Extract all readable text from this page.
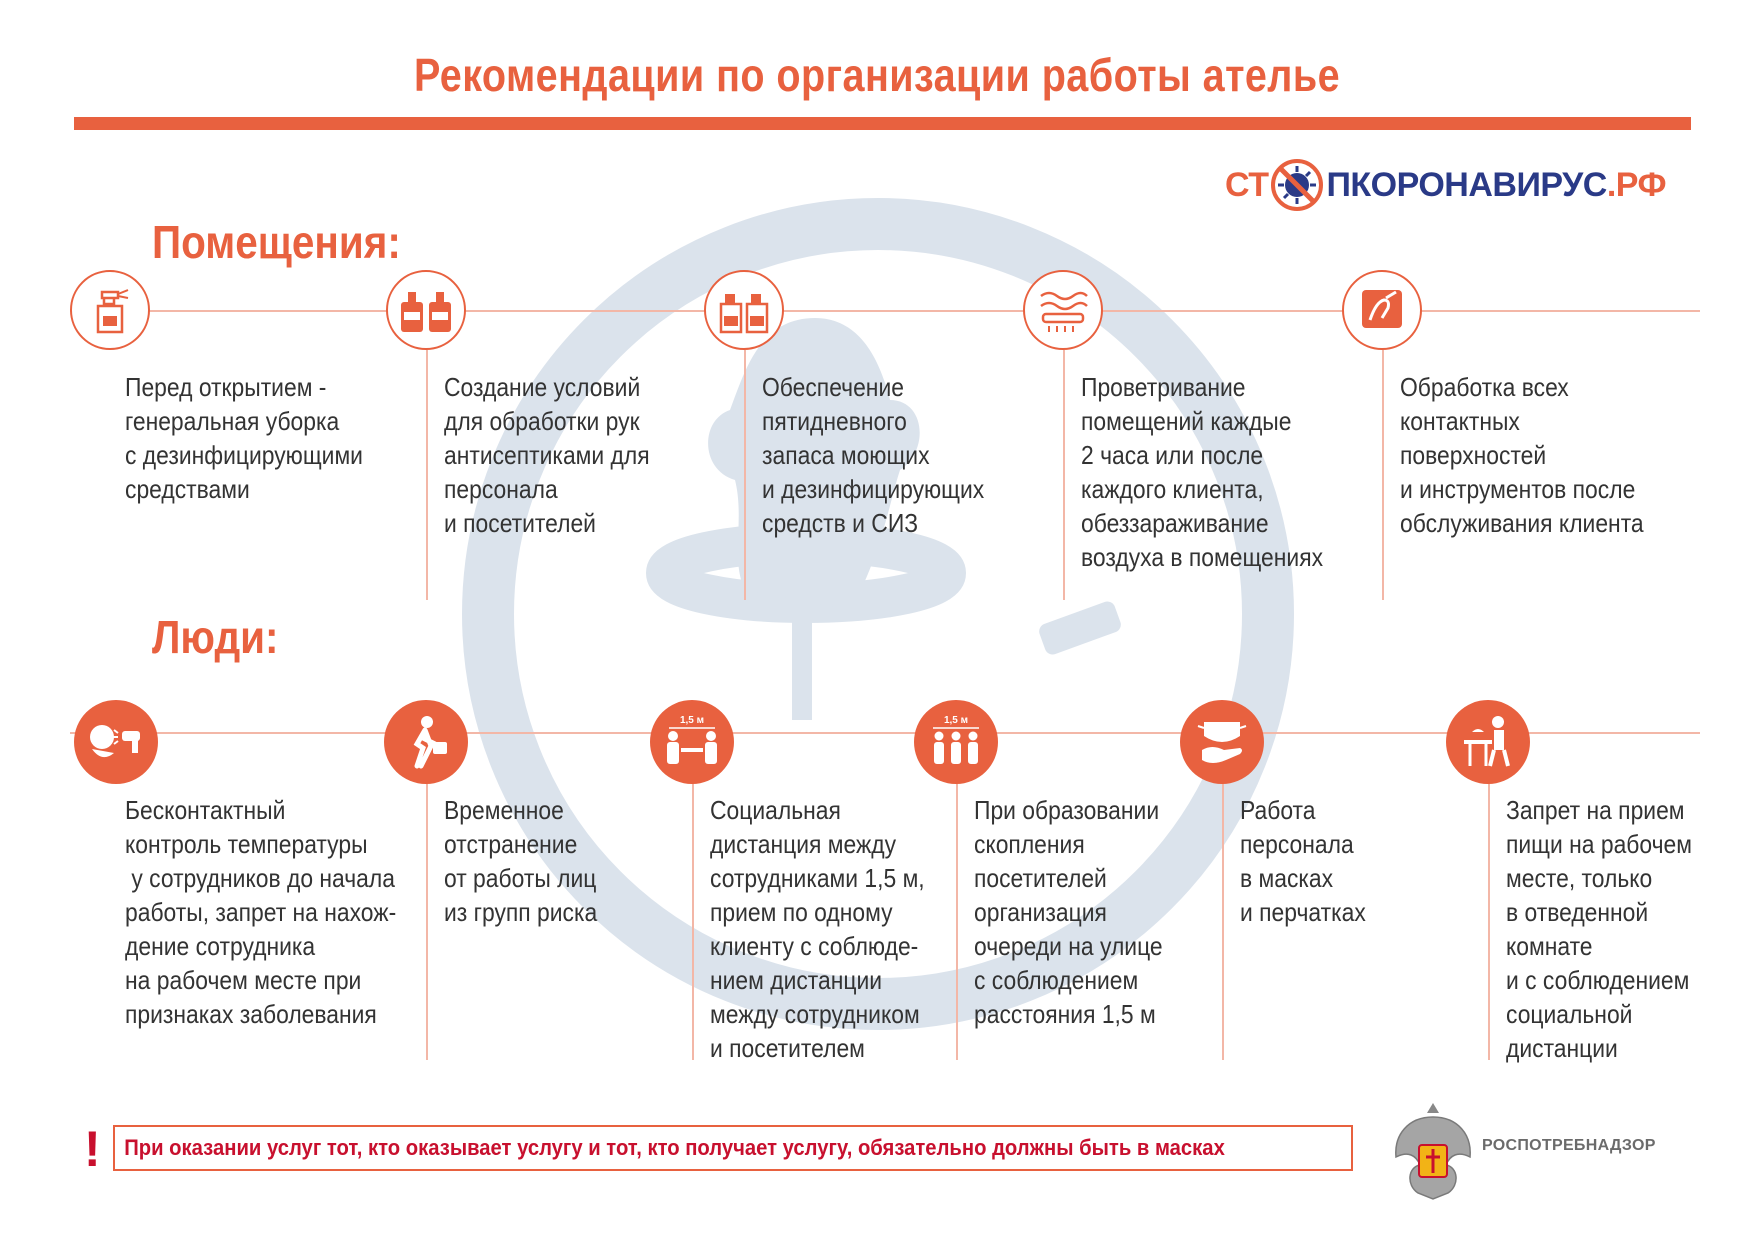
Рекомендации по организации работы ателье
СТ ПКОРОНАВИРУС .РФ
Помещения:
Перед открытием -
генеральная уборка
с дезинфицирующими
средствами
Создание условий
для обработки рук
антисептиками для
персонала
и посетителей
Обеспечение
пятидневного
запаса моющих
и дезинфицирующих
средств и СИЗ
Проветривание
помещений каждые
2 часа или после
каждого клиента,
обеззараживание
воздуха в помещениях
Обработка всех
контактных
поверхностей
и инструментов после
обслуживания клиента
Люди:
1,5 м	1,5 м
Бесконтактный
контроль температуры
у сотрудников до начала
работы, запрет на нахож-
дение сотрудника
на рабочем месте при
признаках заболевания
Временное
отстранение
от работы лиц
из групп риска
Социальная
дистанция между
сотрудниками 1,5 м,
прием по одному
клиенту с соблюде-
нием дистанции
между сотрудником
и посетителем
При образовании
скопления
посетителей
организация
очереди на улице
с соблюдением
расстояния 1,5 м
Работа
персонала
в масках
и перчатках
Запрет на прием
пищи на рабочем
месте, только
в отведенной
комнате
и с соблюдением
социальной
дистанции
!	При оказании услуг тот, кто оказывает услугу и тот, кто получает услугу, обязательно должны быть в масках	РОСПОТРЕБНАДЗОР
